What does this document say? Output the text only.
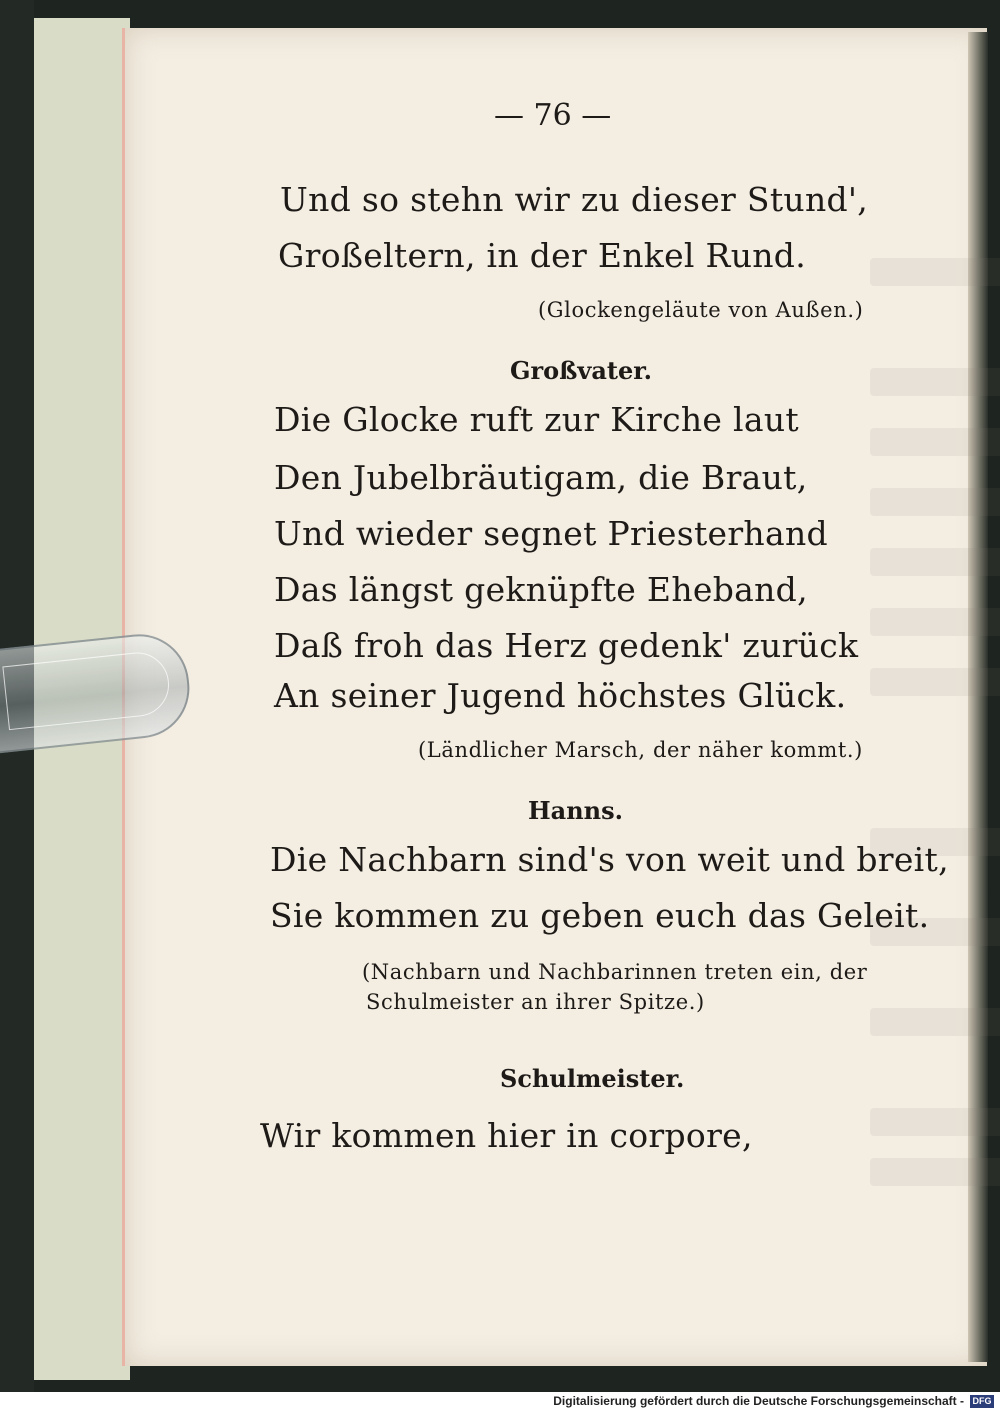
— 76 —
Und so stehn wir zu dieser Stund',
Großeltern, in der Enkel Rund.
(Glockengeläute von Außen.)
Großvater.
Die Glocke ruft zur Kirche laut
Den Jubelbräutigam, die Braut,
Und wieder segnet Priesterhand
Das längst geknüpfte Eheband,
Daß froh das Herz gedenk' zurück
An seiner Jugend höchstes Glück.
(Ländlicher Marsch, der näher kommt.)
Hanns.
Die Nachbarn sind's von weit und breit,
Sie kommen zu geben euch das Geleit.
(Nachbarn und Nachbarinnen treten ein, der
Schulmeister an ihrer Spitze.)
Schulmeister.
Wir kommen hier in corpore,
Digitalisierung gefördert durch die Deutsche Forschungsgemeinschaft - DFG
